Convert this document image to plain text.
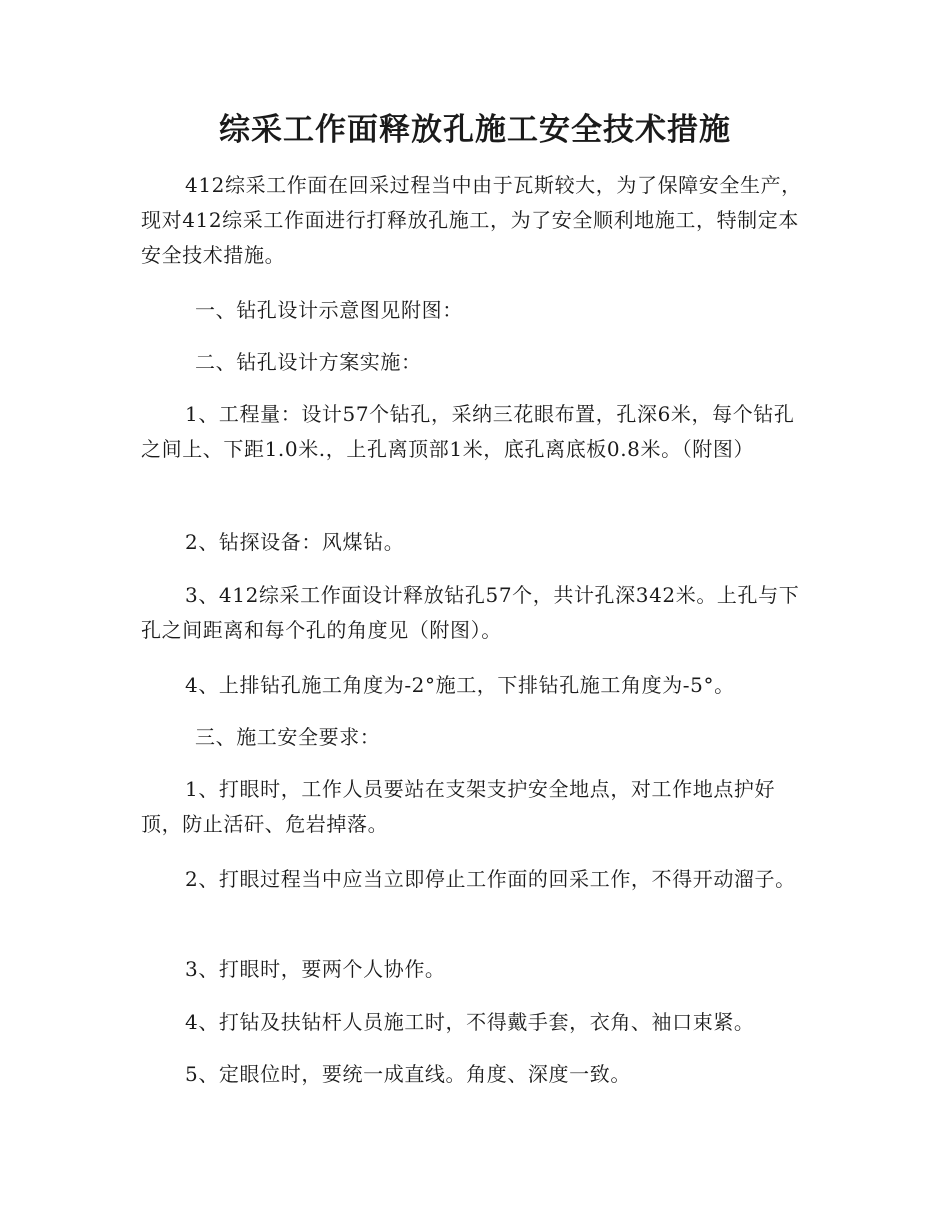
综采工作面释放孔施工安全技术措施
412综采工作面在回采过程当中由于瓦斯较大，为了保障安全生产，现对412综采工作面进行打释放孔施工，为了安全顺利地施工，特制定本安全技术措施。
一、钻孔设计示意图见附图：
二、钻孔设计方案实施：
1、工程量：设计57个钻孔，采纳三花眼布置，孔深6米，每个钻孔之间上、下距1.0米.，上孔离顶部1米，底孔离底板0.8米。（附图）
2、钻探设备：风煤钻。
3、412综采工作面设计释放钻孔57个，共计孔深342米。上孔与下孔之间距离和每个孔的角度见（附图）。
4、上排钻孔施工角度为-2°施工，下排钻孔施工角度为-5°。
三、施工安全要求：
1、打眼时，工作人员要站在支架支护安全地点，对工作地点护好顶，防止活矸、危岩掉落。
2、打眼过程当中应当立即停止工作面的回采工作，不得开动溜子。
3、打眼时，要两个人协作。
4、打钻及扶钻杆人员施工时，不得戴手套，衣角、袖口束紧。
5、定眼位时，要统一成直线。角度、深度一致。
